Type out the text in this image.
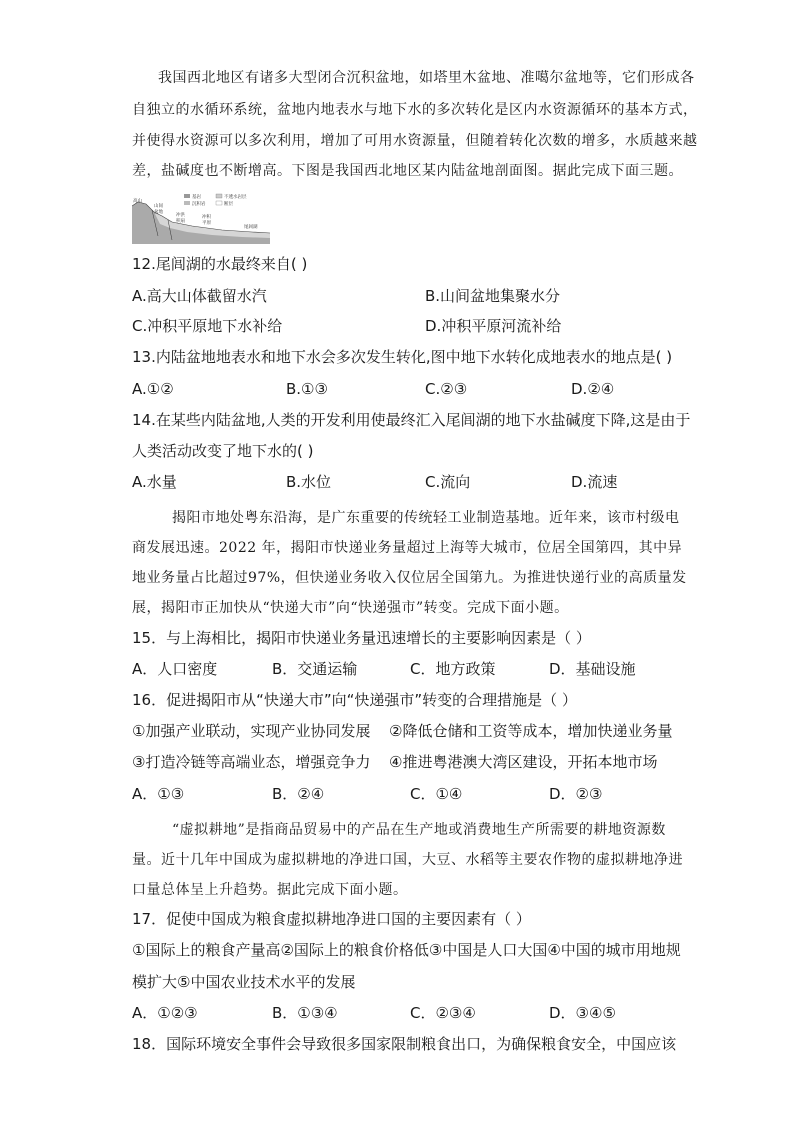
我国西北地区有诸多大型闭合沉积盆地，如塔里木盆地、准噶尔盆地等，它们形成各
自独立的水循环系统，盆地内地表水与地下水的多次转化是区内水资源循环的基本方式，
并使得水资源可以多次利用，增加了可用水资源量，但随着转化次数的增多，水质越来越
差，盐碱度也不断增高。下图是我国西北地区某内陆盆地剖面图。据此完成下面三题。
基岩	不透水岩层
沉积岩	断层
高山
山间
盆地
冲洪
积扇
冲积
平原
尾闾湖
12.尾闾湖的水最终来自( )
A.高大山体截留水汽	B.山间盆地集聚水分
C.冲积平原地下水补给	D.冲积平原河流补给
13.内陆盆地地表水和地下水会多次发生转化,图中地下水转化成地表水的地点是( )
A.①②	B.①③	C.②③	D.②④
14.在某些内陆盆地,人类的开发利用使最终汇入尾闾湖的地下水盐碱度下降,这是由于
人类活动改变了地下水的( )
A.水量	B.水位	C.流向	D.流速
揭阳市地处粤东沿海，是广东重要的传统轻工业制造基地。近年来，该市村级电
商发展迅速。2022 年，揭阳市快递业务量超过上海等大城市，位居全国第四，其中异
地业务量占比超过97%，但快递业务收入仅位居全国第九。为推进快递行业的高质量发
展，揭阳市正加快从“快递大市”向“快递强市”转变。完成下面小题。
15．与上海相比，揭阳市快递业务量迅速增长的主要影响因素是（ ）
A．人口密度	B．交通运输	C．地方政策	D．基础设施
16．促进揭阳市从“快递大市”向“快递强市”转变的合理措施是（ ）
①加强产业联动，实现产业协同发展 ②降低仓储和工资等成本，增加快递业务量
③打造冷链等高端业态，增强竞争力 ④推进粤港澳大湾区建设，开拓本地市场
A．①③	B．②④	C．①④	D．②③
“虚拟耕地”是指商品贸易中的产品在生产地或消费地生产所需要的耕地资源数
量。近十几年中国成为虚拟耕地的净进口国，大豆、水稻等主要农作物的虚拟耕地净进
口量总体呈上升趋势。据此完成下面小题。
17．促使中国成为粮食虚拟耕地净进口国的主要因素有（ ）
①国际上的粮食产量高②国际上的粮食价格低③中国是人口大国④中国的城市用地规
模扩大⑤中国农业技术水平的发展
A．①②③	B．①③④	C．②③④	D．③④⑤
18．国际环境安全事件会导致很多国家限制粮食出口，为确保粮食安全，中国应该
